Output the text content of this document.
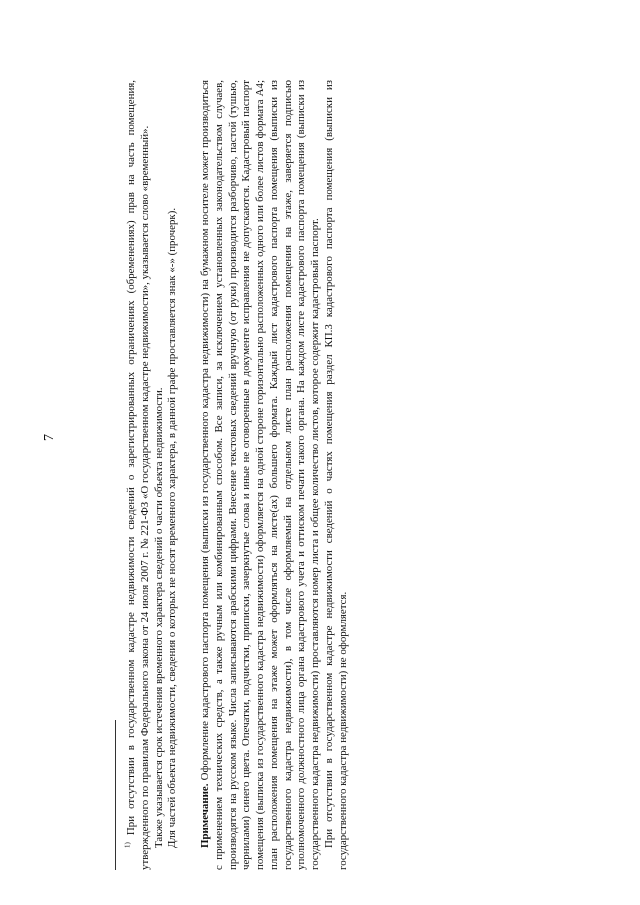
7

$^{1)}$ При отсутствии в государственном кадастре недвижимости сведений о зарегистрированных ограничениях (обременениях) прав на часть помещения, утвержденного по правилам Федерального закона от 24 июля 2007 г. № 221-ФЗ «О государственном кадастре недвижимости», указывается слово «временный». Также указывается срок истечения временного характера сведений о части объекта недвижимости. Для частей объекта недвижимости, сведения о которых не носят временного характера, в данной графе проставляется знак «-» (прочерк). Примечание. Оформление кадастрового паспорта помещения (выписки из государственного кадастра недвижимости) на бумажном носителе может производиться с применением технических средств, а также ручным или комбинированным способом. Все записи, за исключением установленных законодательством случаев, производятся на русском языке. Числа записываются арабскими цифрами. Внесение текстовых сведений вручную (от руки) производится разборчиво, пастой (тушью, чернилами) синего цвета. Опечатки, подчистки, приписки, зачеркнутые слова и иные не оговоренные в документе исправления не допускаются. Кадастровый паспорт помещения (выписка из государственного кадастра недвижимости) оформляется на одной стороне горизонтально расположенных одного или более листов формата А4; план расположения помещения на этаже может оформляться на листе(ах) большего формата. Каждый лист кадастрового паспорта помещения (выписки из государственного кадастра недвижимости), в том числе оформляемый на отдельном листе план расположения помещения на этаже, заверяется подписью уполномоченного должностного лица органа кадастрового учета и оттиском печати такого органа. На каждом листе кадастрового паспорта помещения (выписки из государственного кадастра недвижимости) проставляются номер листа и общее количество листов, которое содержит кадастровый паспорт. При отсутствии в государственном кадастре недвижимости сведений о частях помещения раздел КП.3 кадастрового паспорта помещения (выписки из государственного кадастра недвижимости) не оформляется.
